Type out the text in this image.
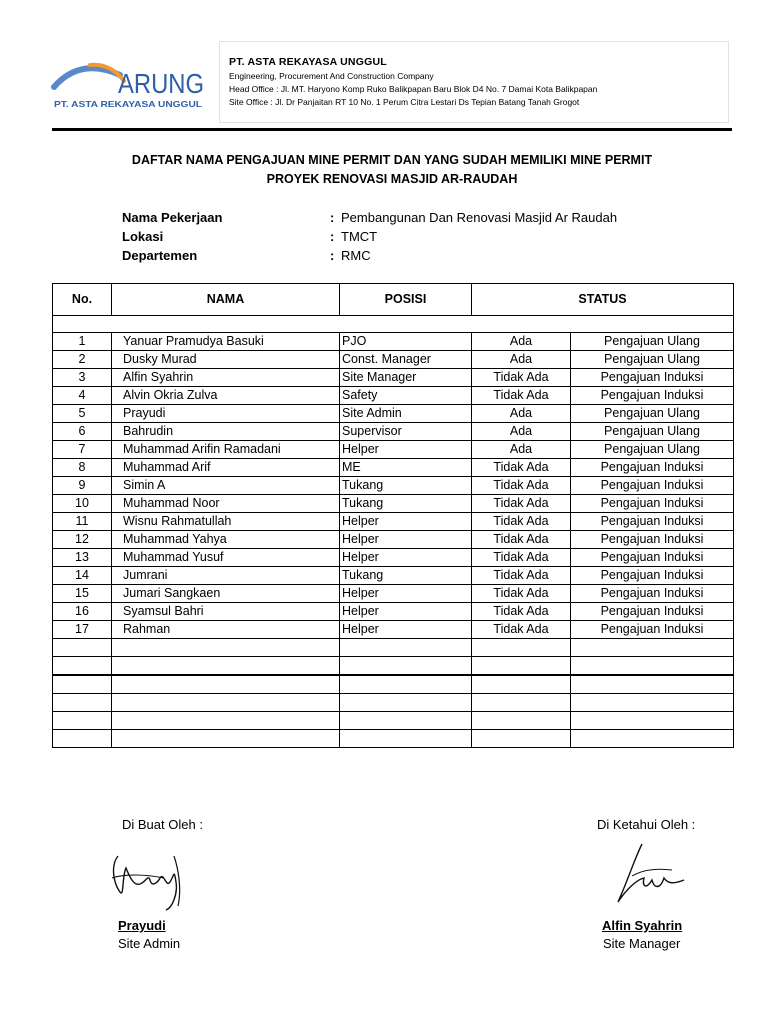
ARUNG
PT. ASTA REKAYASA UNGGUL
PT. ASTA REKAYASA UNGGUL
Engineering, Procurement And Construction Company
Head Office : Jl. MT. Haryono Komp Ruko Balikpapan Baru Blok D4 No. 7 Damai Kota Balikpapan
Site Office : Jl. Dr Panjaitan RT 10 No. 1 Perum Citra Lestari Ds Tepian Batang Tanah Grogot
DAFTAR NAMA PENGAJUAN MINE PERMIT DAN YANG SUDAH MEMILIKI MINE PERMIT
PROYEK RENOVASI MASJID AR-RAUDAH
Nama Pekerjaan	: Pembangunan Dan Renovasi Masjid Ar Raudah
Lokasi	: TMCT
Departemen	: RMC
No.	NAMA	POSISI	STATUS	

1	Yanuar Pramudya Basuki	PJO	Ada	Pengajuan Ulang
2	Dusky Murad	Const. Manager	Ada	Pengajuan Ulang
3	Alfin Syahrin	Site Manager	Tidak Ada	Pengajuan Induksi
4	Alvin Okria Zulva	Safety	Tidak Ada	Pengajuan Induksi
5	Prayudi	Site Admin	Ada	Pengajuan Ulang
6	Bahrudin	Supervisor	Ada	Pengajuan Ulang
7	Muhammad Arifin Ramadani	Helper	Ada	Pengajuan Ulang
8	Muhammad Arif	ME	Tidak Ada	Pengajuan Induksi
9	Simin A	Tukang	Tidak Ada	Pengajuan Induksi
10	Muhammad Noor	Tukang	Tidak Ada	Pengajuan Induksi
11	Wisnu Rahmatullah	Helper	Tidak Ada	Pengajuan Induksi
12	Muhammad Yahya	Helper	Tidak Ada	Pengajuan Induksi
13	Muhammad Yusuf	Helper	Tidak Ada	Pengajuan Induksi
14	Jumrani	Tukang	Tidak Ada	Pengajuan Induksi
15	Jumari Sangkaen	Helper	Tidak Ada	Pengajuan Induksi
16	Syamsul Bahri	Helper	Tidak Ada	Pengajuan Induksi
17	Rahman	Helper	Tidak Ada	Pengajuan Induksi

Di Buat Oleh :	Di Ketahui Oleh :
Prayudi
Site Admin
Alfin Syahrin
Site Manager
